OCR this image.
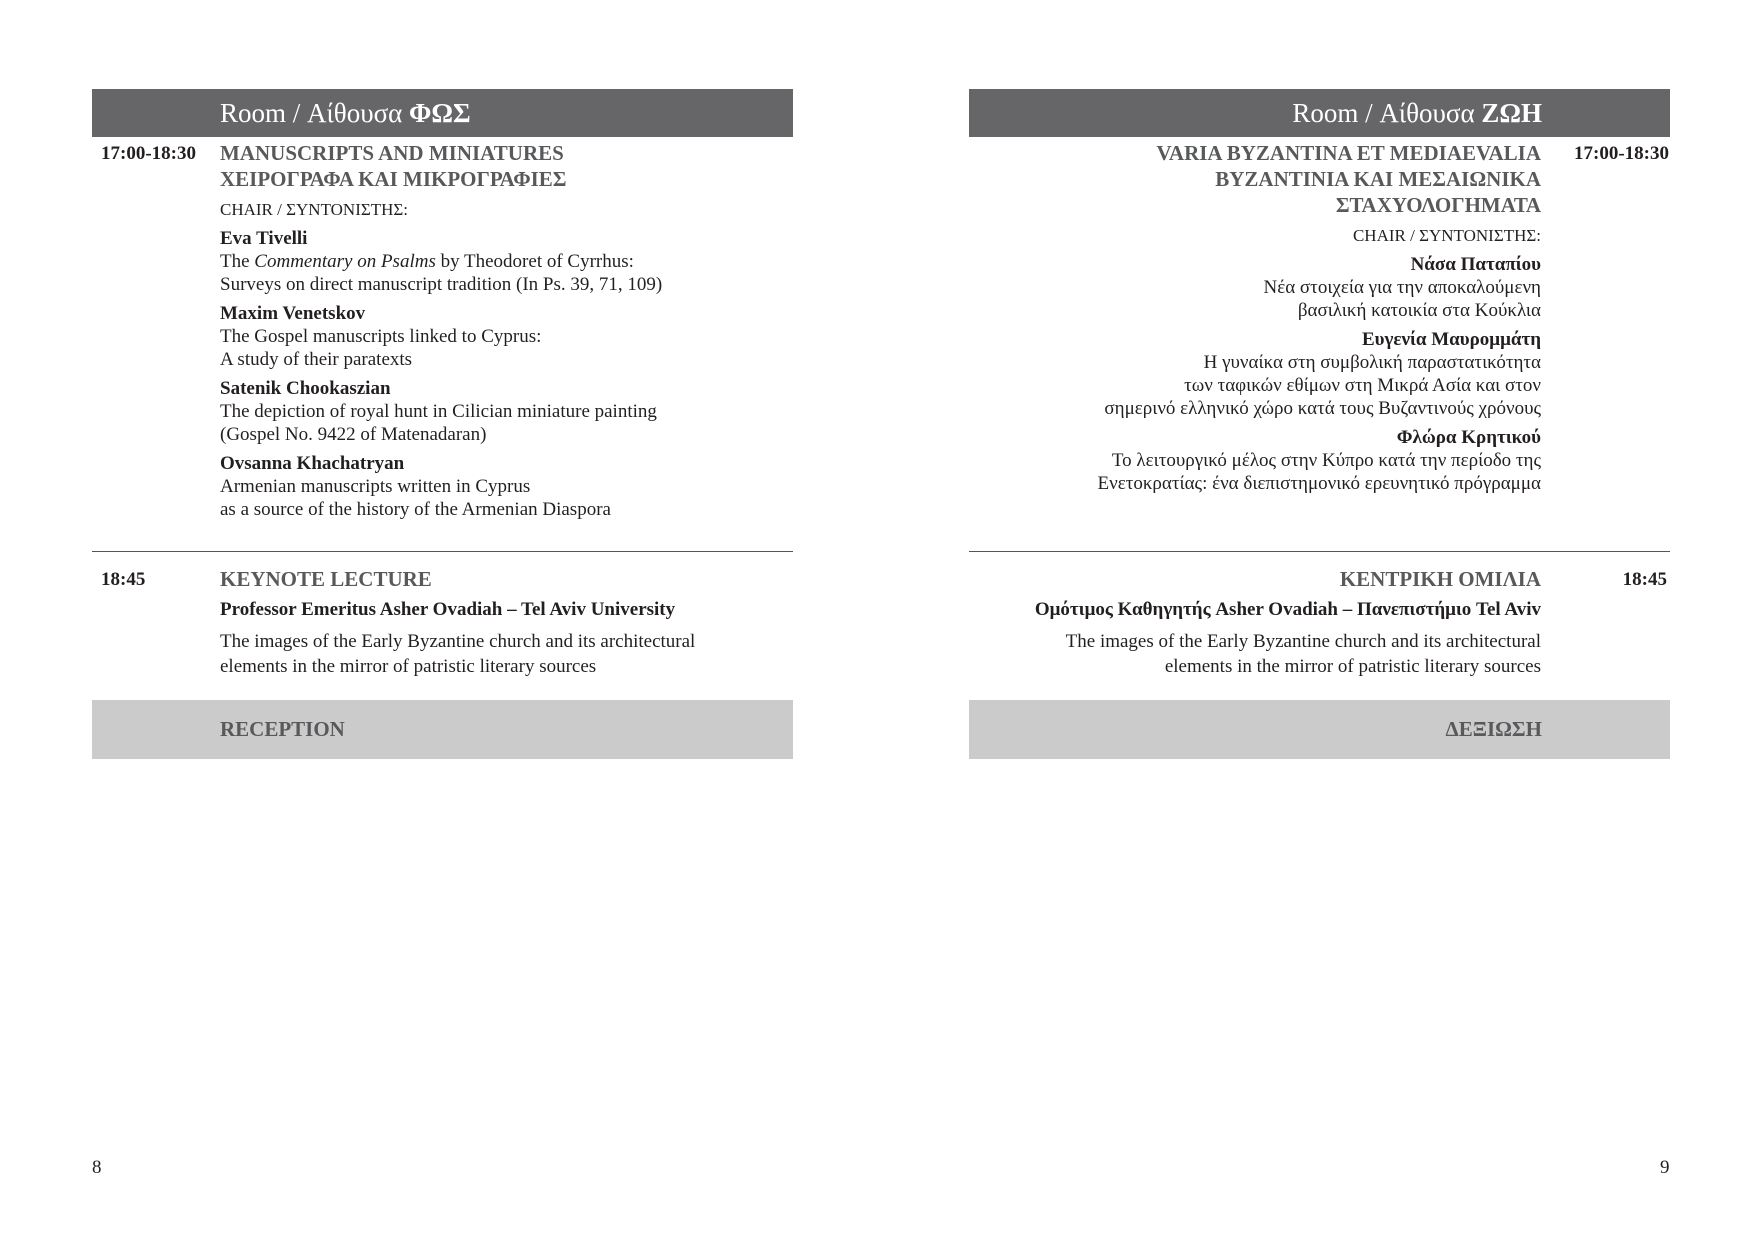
Room / Αίθουσα ΦΩΣ
17:00-18:30 MANUSCRIPTS AND MINIATURES
ΧΕΙΡΟΓΡΑΦΑ ΚΑΙ ΜΙΚΡΟΓΡΑΦΙΕΣ
CHAIR / ΣΥΝΤΟΝΙΣΤΗΣ:
Eva Tivelli
The Commentary on Psalms by Theodoret of Cyrrhus:
Surveys on direct manuscript tradition (In Ps. 39, 71, 109)
Maxim Venetskov
The Gospel manuscripts linked to Cyprus:
A study of their paratexts
Satenik Chookaszian
The depiction of royal hunt in Cilician miniature painting
(Gospel No. 9422 of Matenadaran)
Ovsanna Khachatryan
Armenian manuscripts written in Cyprus
as a source of the history of the Armenian Diaspora
18:45	KEYNOTE LECTURE
Professor Emeritus Asher Ovadiah – Tel Aviv University
The images of the Early Byzantine church and its architectural
elements in the mirror of patristic literary sources
RECEPTION
8
Room / Αίθουσα ΖΩΗ
17:00-18:30
VARIA BYZANTINA ET MEDIAEVALIA
ΒΥΖΑΝΤΙΝΙΑ ΚΑΙ ΜΕΣΑΙΩΝΙΚΑ
ΣΤΑΧΥΟΛΟΓΗΜΑΤΑ
CHAIR / ΣΥΝΤΟΝΙΣΤΗΣ:
Νάσα Παταπίου
Νέα στοιχεία για την αποκαλούμενη
βασιλική κατοικία στα Κούκλια
Ευγενία Μαυρομμάτη
Η γυναίκα στη συμβολική παραστατικότητα
των ταφικών εθίμων στη Μικρά Ασία και στον
σημερινό ελληνικό χώρο κατά τους Βυζαντινούς χρόνους
Φλώρα Κρητικού
Το λειτουργικό μέλος στην Κύπρο κατά την περίοδο της
Ενετοκρατίας: ένα διεπιστημονικό ερευνητικό πρόγραμμα
18:45
ΚΕΝΤΡΙΚΗ ΟΜΙΛΙΑ
Ομότιμος Καθηγητής Asher Ovadiah – Πανεπιστήμιο Tel Aviv
The images of the Early Byzantine church and its architectural
elements in the mirror of patristic literary sources
ΔΕΞΙΩΣΗ
9
